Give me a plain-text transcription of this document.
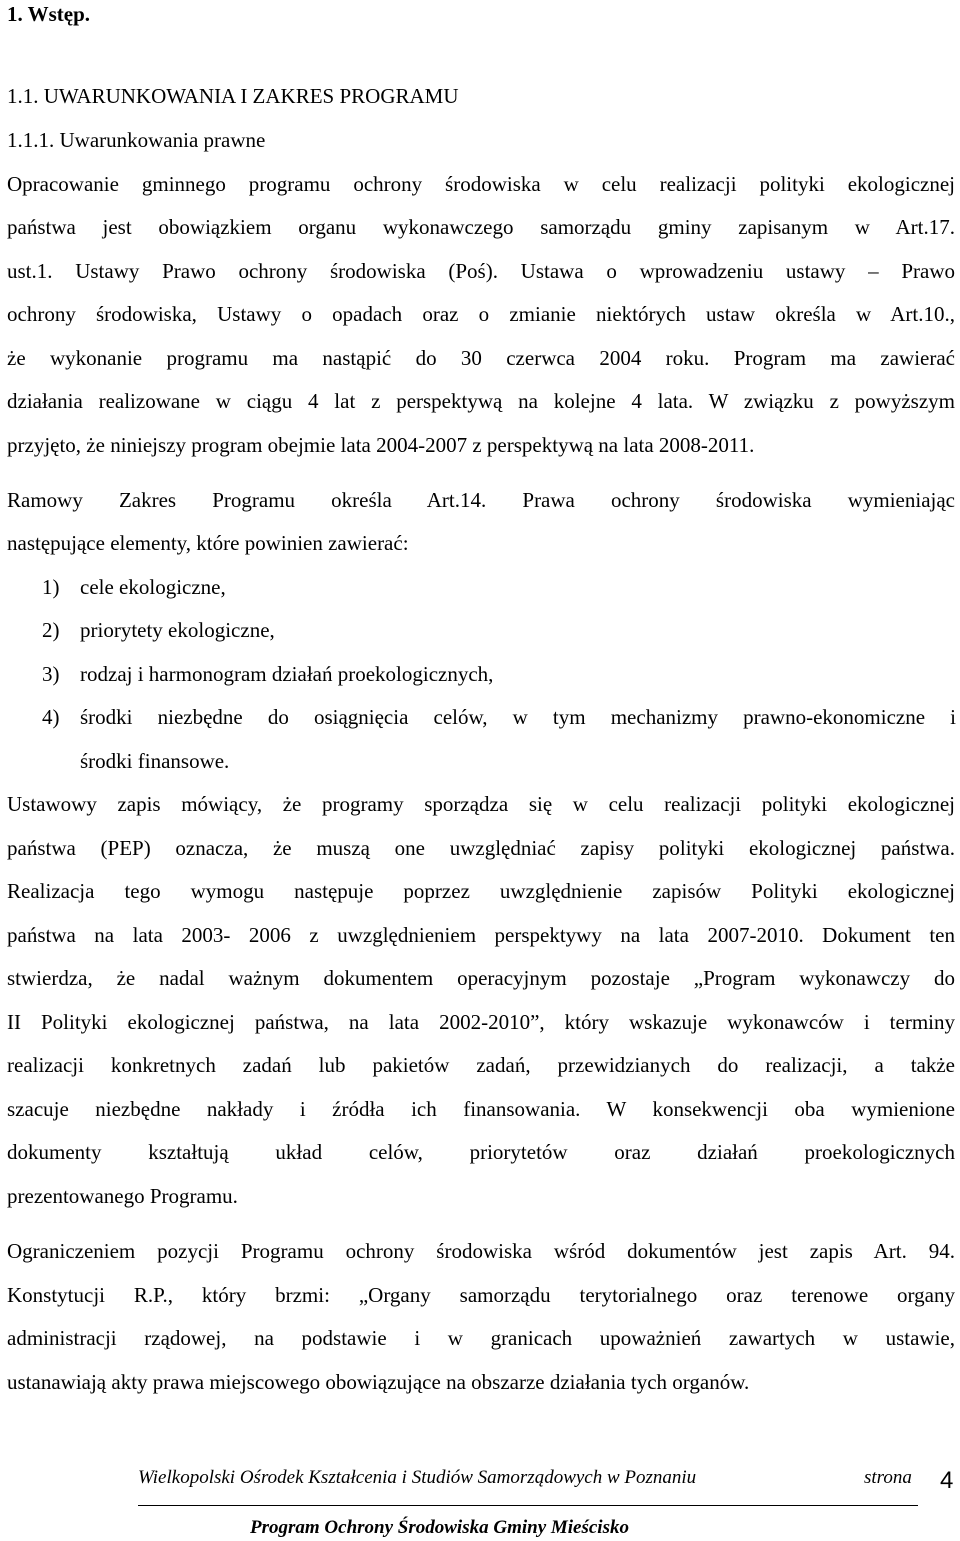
1. Wstęp.
1.1. UWARUNKOWANIA I ZAKRES PROGRAMU
1.1.1. Uwarunkowania prawne
Opracowanie gminnego programu ochrony środowiska w celu realizacji polityki ekologicznej
państwa jest obowiązkiem organu wykonawczego samorządu gminy zapisanym w Art.17.
ust.1. Ustawy Prawo ochrony środowiska (Poś). Ustawa o wprowadzeniu ustawy – Prawo
ochrony środowiska, Ustawy o opadach oraz o zmianie niektórych ustaw określa w Art.10.,
że wykonanie programu ma nastąpić do 30 czerwca 2004 roku. Program ma zawierać
działania realizowane w ciągu 4 lat z perspektywą na kolejne 4 lata. W związku z powyższym
przyjęto, że niniejszy program obejmie lata 2004-2007 z perspektywą na lata 2008-2011.
Ramowy Zakres Programu określa Art.14. Prawa ochrony środowiska wymieniając
następujące elementy, które powinien zawierać:
1) cele ekologiczne,
2) priorytety ekologiczne,
3) rodzaj i harmonogram działań proekologicznych,
4) środki niezbędne do osiągnięcia celów, w tym mechanizmy prawno-ekonomiczne i
środki finansowe.
Ustawowy zapis mówiący, że programy sporządza się w celu realizacji polityki ekologicznej
państwa (PEP) oznacza, że muszą one uwzględniać zapisy polityki ekologicznej państwa.
Realizacja tego wymogu następuje poprzez uwzględnienie zapisów Polityki ekologicznej
państwa na lata 2003- 2006 z uwzględnieniem perspektywy na lata 2007-2010. Dokument ten
stwierdza, że nadal ważnym dokumentem operacyjnym pozostaje „Program wykonawczy do
II Polityki ekologicznej państwa, na lata 2002-2010”, który wskazuje wykonawców i terminy
realizacji konkretnych zadań lub pakietów zadań, przewidzianych do realizacji, a także
szacuje niezbędne nakłady i źródła ich finansowania. W konsekwencji oba wymienione
dokumenty kształtują układ celów, priorytetów oraz działań proekologicznych
prezentowanego Programu.
Ograniczeniem pozycji Programu ochrony środowiska wśród dokumentów jest zapis Art. 94.
Konstytucji R.P., który brzmi: „Organy samorządu terytorialnego oraz terenowe organy
administracji rządowej, na podstawie i w granicach upoważnień zawartych w ustawie,
ustanawiają akty prawa miejscowego obowiązujące na obszarze działania tych organów.
Wielkopolski Ośrodek Kształcenia i Studiów Samorządowych w Poznaniu	strona 4
Program Ochrony Środowiska Gminy Mieścisko
